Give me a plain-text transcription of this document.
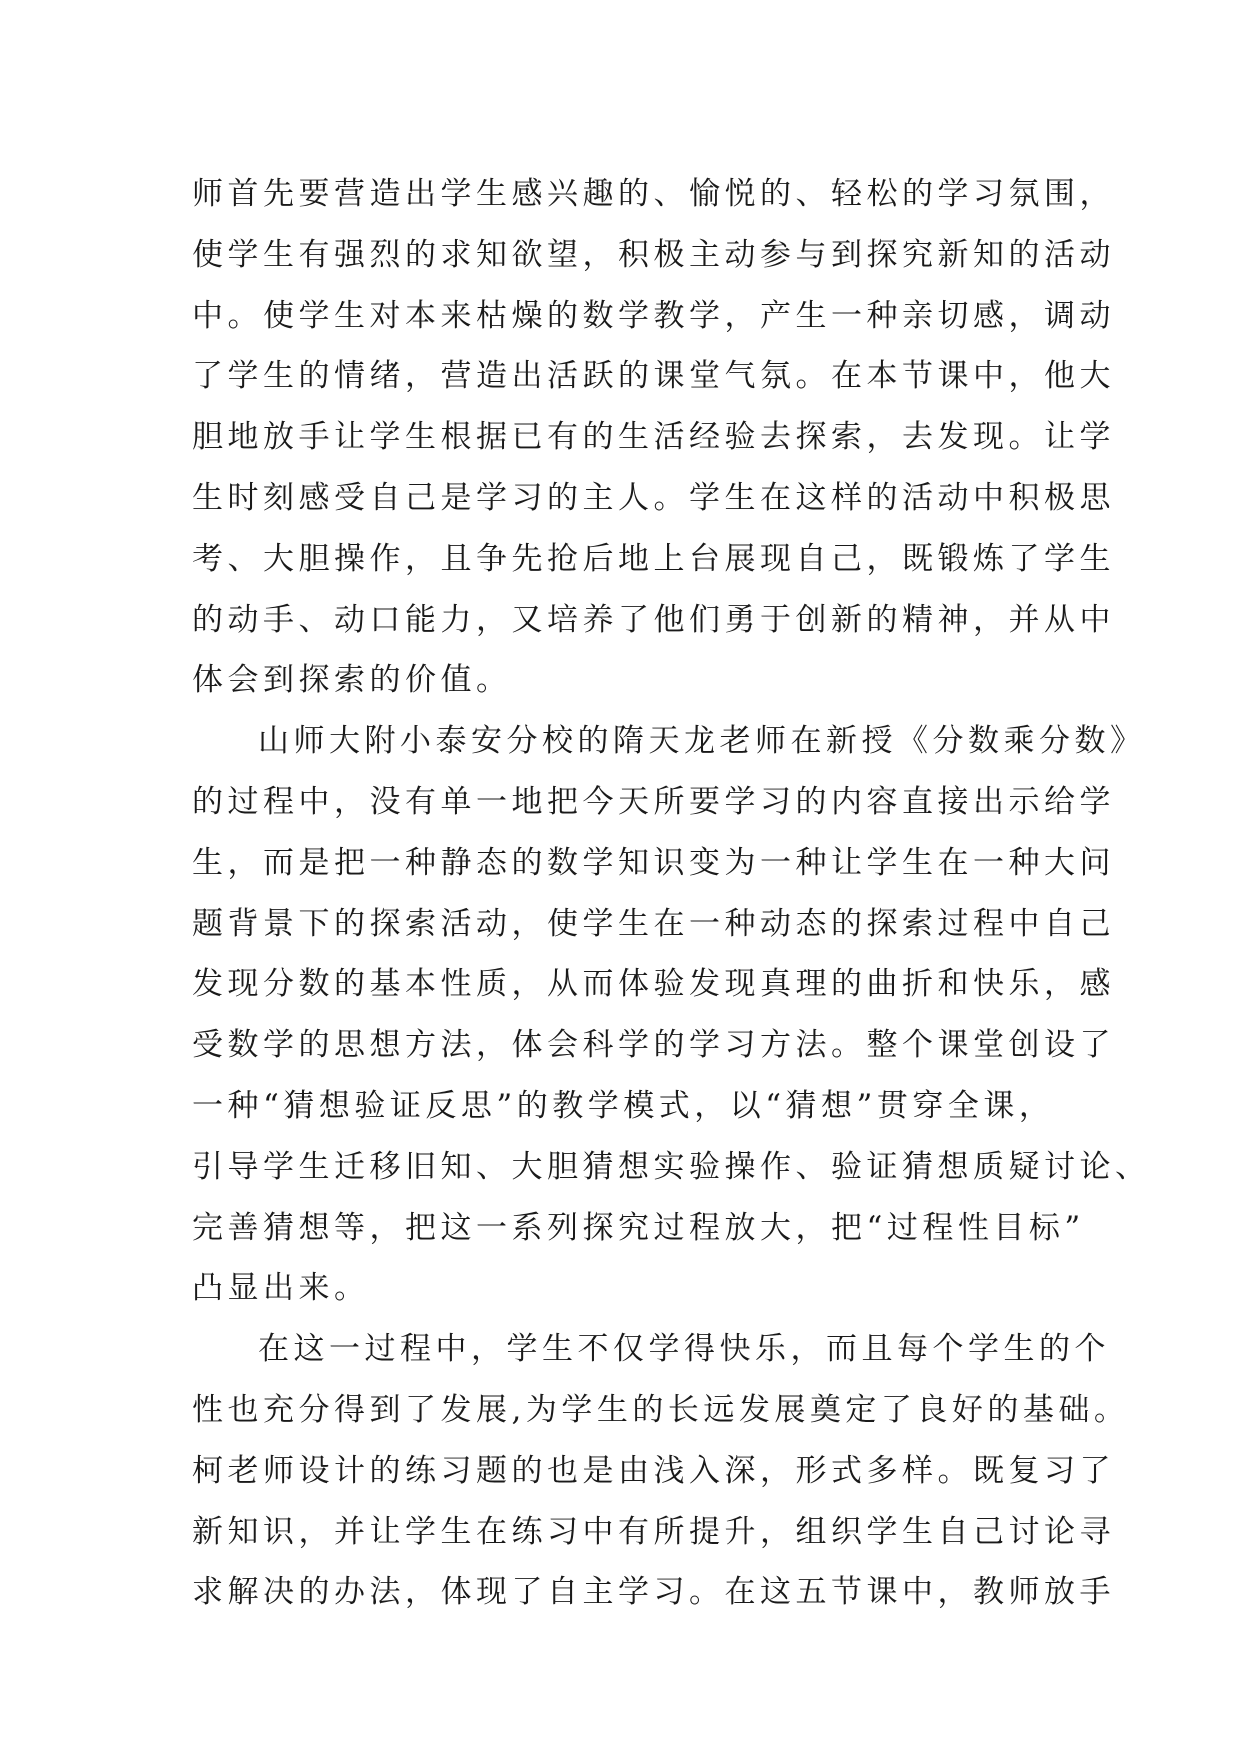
师首先要营造出学生感兴趣的、愉悦的、轻松的学习氛围，
使学生有强烈的求知欲望，积极主动参与到探究新知的活动
中。使学生对本来枯燥的数学教学，产生一种亲切感，调动
了学生的情绪，营造出活跃的课堂气氛。在本节课中，他大
胆地放手让学生根据已有的生活经验去探索，去发现。让学
生时刻感受自己是学习的主人。学生在这样的活动中积极思
考、大胆操作，且争先抢后地上台展现自己，既锻炼了学生
的动手、动口能力，又培养了他们勇于创新的精神，并从中
体会到探索的价值。
山师大附小泰安分校的隋天龙老师在新授《分数乘分数》
的过程中，没有单一地把今天所要学习的内容直接出示给学
生，而是把一种静态的数学知识变为一种让学生在一种大问
题背景下的探索活动，使学生在一种动态的探索过程中自己
发现分数的基本性质，从而体验发现真理的曲折和快乐，感
受数学的思想方法，体会科学的学习方法。整个课堂创设了
一种“猜想验证反思”的教学模式，以“猜想”贯穿全课，
引导学生迁移旧知、大胆猜想实验操作、验证猜想质疑讨论、
完善猜想等，把这一系列探究过程放大，把“过程性目标”
凸显出来。
在这一过程中，学生不仅学得快乐，而且每个学生的个
性也充分得到了发展,为学生的长远发展奠定了良好的基础。
柯老师设计的练习题的也是由浅入深，形式多样。既复习了
新知识，并让学生在练习中有所提升，组织学生自己讨论寻
求解决的办法，体现了自主学习。在这五节课中，教师放手
